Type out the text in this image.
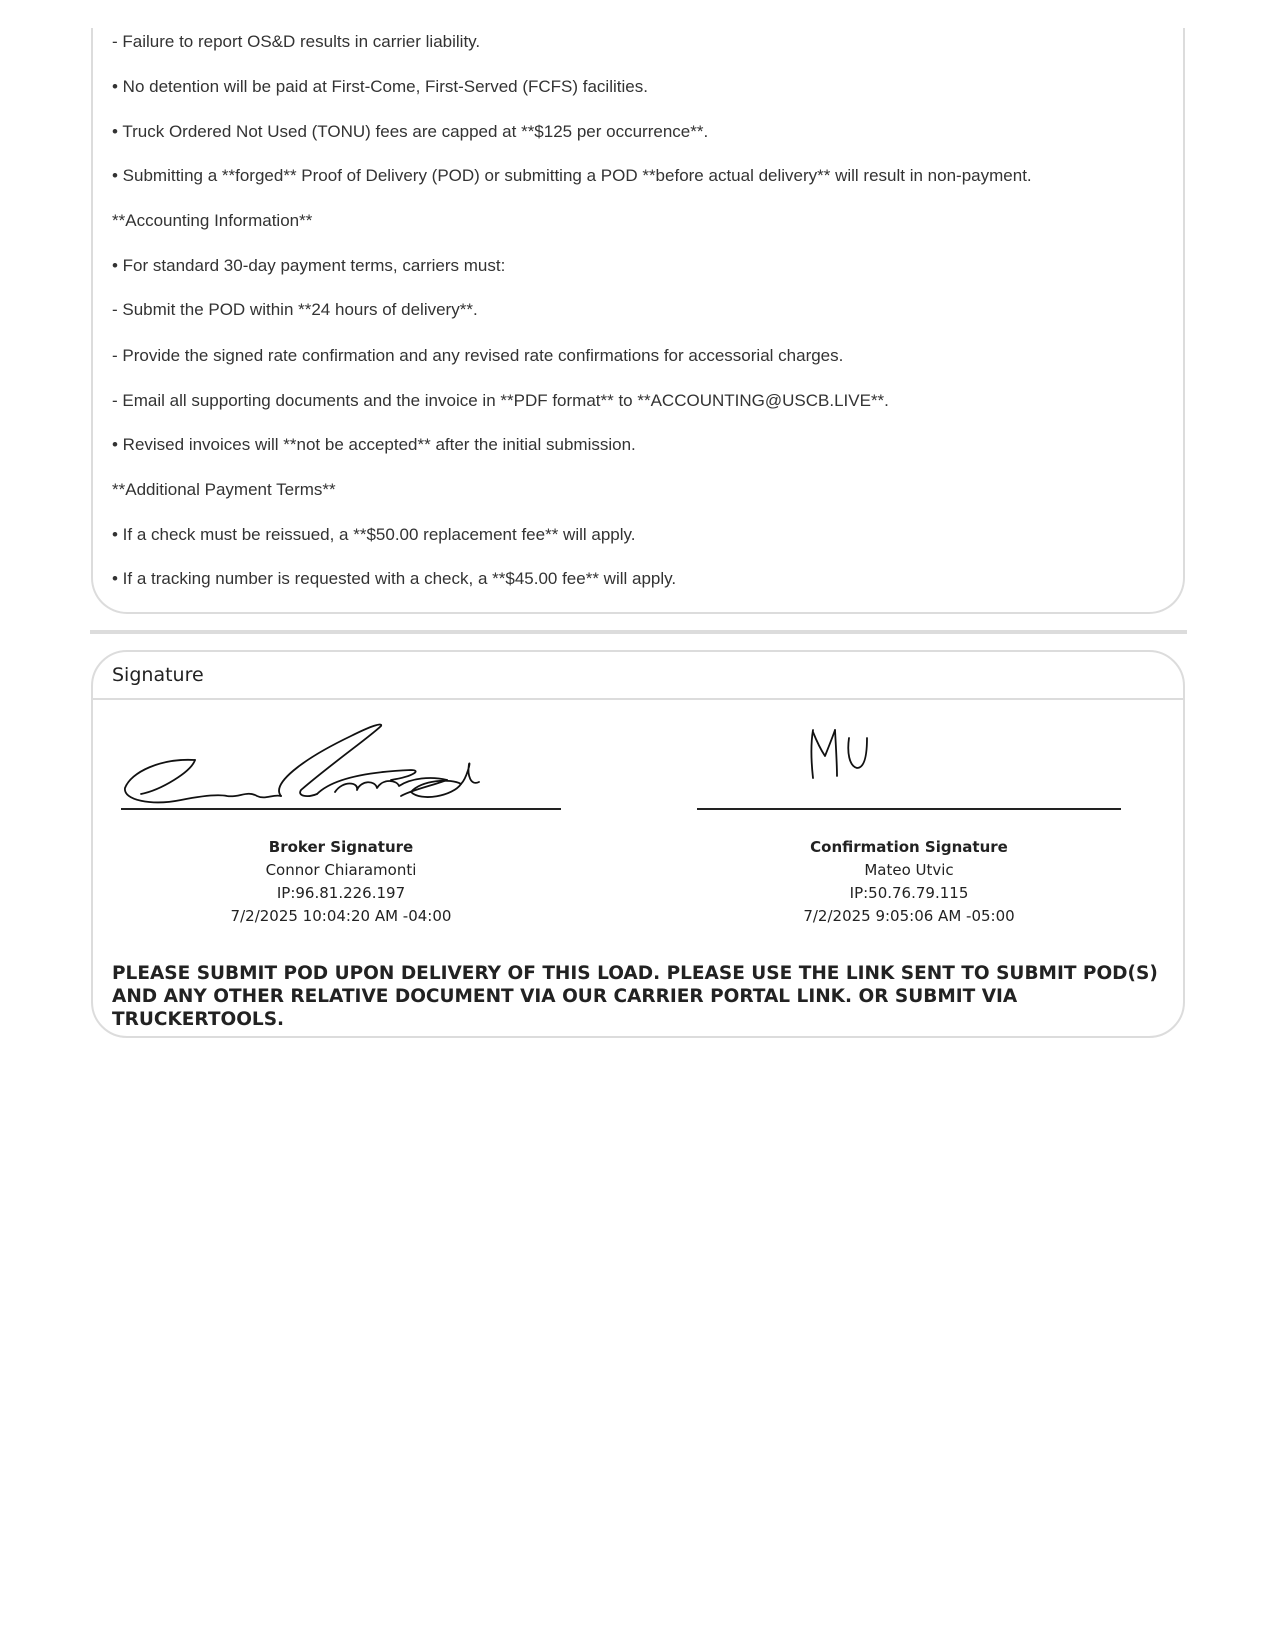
- Failure to report OS&D results in carrier liability.

• No detention will be paid at First-Come, First-Served (FCFS) facilities.

• Truck Ordered Not Used (TONU) fees are capped at **$125 per occurrence**.

• Submitting a **forged** Proof of Delivery (POD) or submitting a POD **before actual delivery** will result in non-payment.

**Accounting Information**

• For standard 30-day payment terms, carriers must:

- Submit the POD within **24 hours of delivery**.

- Provide the signed rate confirmation and any revised rate confirmations for accessorial charges.

- Email all supporting documents and the invoice in **PDF format** to **ACCOUNTING@USCB.LIVE**.

• Revised invoices will **not be accepted** after the initial submission.

**Additional Payment Terms**

• If a check must be reissued, a **$50.00 replacement fee** will apply.

• If a tracking number is requested with a check, a **$45.00 fee** will apply.

Signature
Broker Signature
Connor Chiaramonti
IP:96.81.226.197
7/2/2025 10:04:20 AM -04:00
Confirmation Signature
Mateo Utvic
IP:50.76.79.115
7/2/2025 9:05:06 AM -05:00

PLEASE SUBMIT POD UPON DELIVERY OF THIS LOAD. PLEASE USE THE LINK SENT TO SUBMIT POD(S) AND ANY OTHER RELATIVE DOCUMENT VIA OUR CARRIER PORTAL LINK. OR SUBMIT VIA TRUCKERTOOLS.
